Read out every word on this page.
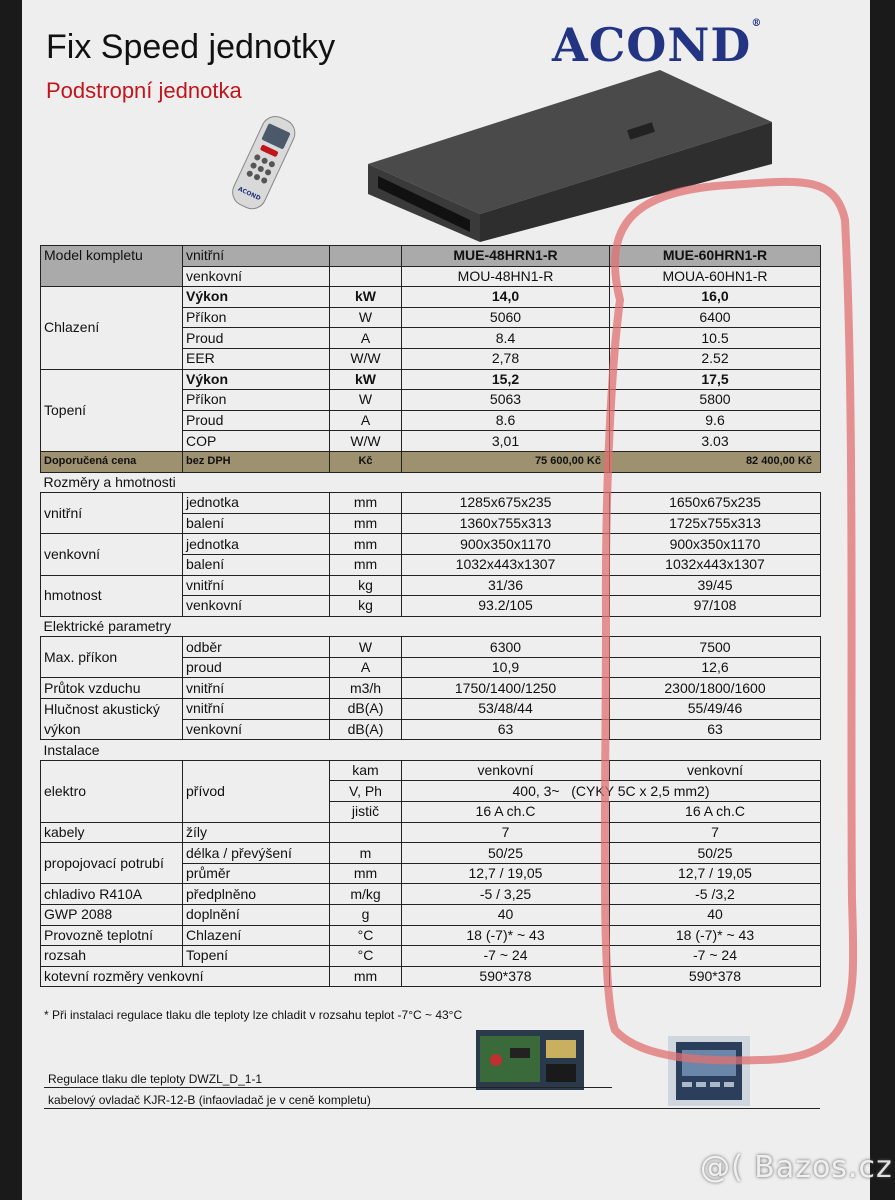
Fix Speed jednotky
Podstropní jednotka
ACOND®
ACOND
Model kompletu	vnitřní		MUE-48HRN1-R	MUE-60HRN1-R
	venkovní		MOU-48HN1-R	MOUA-60HN1-R
Chlazení	Výkon	kW	14,0	16,0
	Příkon	W	5060	6400
	Proud	A	8.4	10.5
	EER	W/W	2,78	2.52
Topení	Výkon	kW	15,2	17,5
	Příkon	W	5063	5800
	Proud	A	8.6	9.6
	COP	W/W	3,01	3.03
Doporučená cena	bez DPH	Kč	75 600,00 Kč	82 400,00 Kč
Rozměry a hmotnosti				
vnitřní	jednotka	mm	1285x675x235	1650x675x235
	balení	mm	1360x755x313	1725x755x313
venkovní	jednotka	mm	900x350x1170	900x350x1170
	balení	mm	1032x443x1307	1032x443x1307
hmotnost	vnitřní	kg	31/36	39/45
	venkovní	kg	93.2/105	97/108
Elektrické parametry				
Max. příkon	odběr	W	6300	7500
	proud	A	10,9	12,6
Průtok vzduchu	vnitřní	m3/h	1750/1400/1250	2300/1800/1600
Hlučnost akustický výkon	vnitřní	dB(A)	53/48/44	55/49/46
	venkovní	dB(A)	63	63
Instalace				
elektro	přívod	kam	venkovní	venkovní
		V, Ph	400, 3~   (CYKY 5C x 2,5 mm2)	
		jistič	16 A ch.C	16 A ch.C
kabely	žíly		7	7
propojovací potrubí	délka / převýšení	m	50/25	50/25
	průměr	mm	12,7 / 19,05	12,7 / 19,05
chladivo R410A	předplněno	m/kg	-5 / 3,25	-5 /3,2
GWP 2088	doplnění	g	40	40
Provozně teplotní	Chlazení	°C	18 (-7)* ~ 43	18 (-7)* ~ 43
rozsah	Topení	°C	-7 ~ 24	-7 ~ 24
kotevní rozměry venkovní		mm	590*378	590*378
* Při instalaci regulace tlaku dle teploty lze chladit v rozsahu teplot -7°C ~ 43°C
Regulace tlaku dle teploty DWZL_D_1-1
kabelový ovladač KJR-12-B (infaovladač je v ceně kompletu)
@( Bazos.cz
